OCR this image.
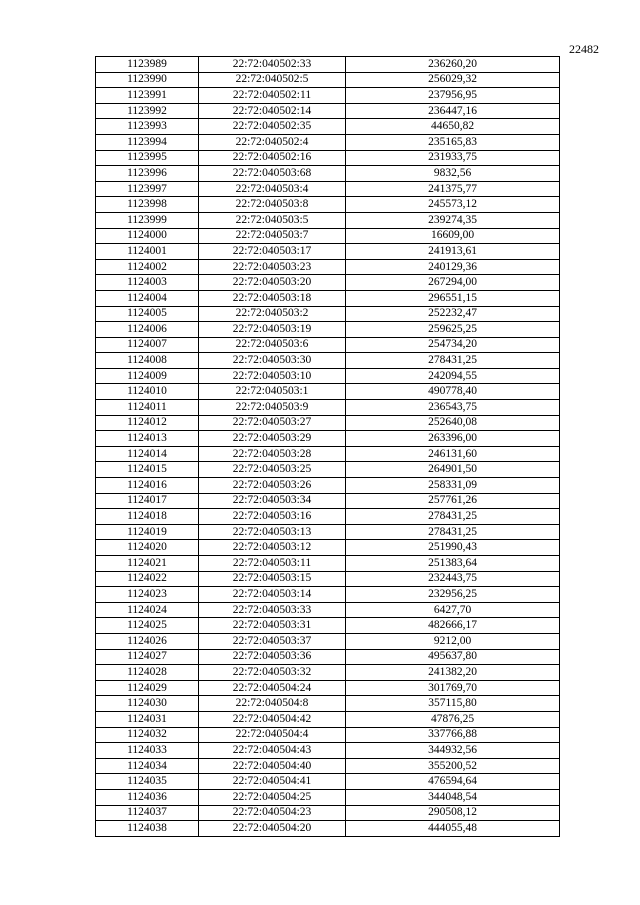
22482
1123989	22:72:040502:33	236260,20
1123990	22:72:040502:5	256029,32
1123991	22:72:040502:11	237956,95
1123992	22:72:040502:14	236447,16
1123993	22:72:040502:35	44650,82
1123994	22:72:040502:4	235165,83
1123995	22:72:040502:16	231933,75
1123996	22:72:040503:68	9832,56
1123997	22:72:040503:4	241375,77
1123998	22:72:040503:8	245573,12
1123999	22:72:040503:5	239274,35
1124000	22:72:040503:7	16609,00
1124001	22:72:040503:17	241913,61
1124002	22:72:040503:23	240129,36
1124003	22:72:040503:20	267294,00
1124004	22:72:040503:18	296551,15
1124005	22:72:040503:2	252232,47
1124006	22:72:040503:19	259625,25
1124007	22:72:040503:6	254734,20
1124008	22:72:040503:30	278431,25
1124009	22:72:040503:10	242094,55
1124010	22:72:040503:1	490778,40
1124011	22:72:040503:9	236543,75
1124012	22:72:040503:27	252640,08
1124013	22:72:040503:29	263396,00
1124014	22:72:040503:28	246131,60
1124015	22:72:040503:25	264901,50
1124016	22:72:040503:26	258331,09
1124017	22:72:040503:34	257761,26
1124018	22:72:040503:16	278431,25
1124019	22:72:040503:13	278431,25
1124020	22:72:040503:12	251990,43
1124021	22:72:040503:11	251383,64
1124022	22:72:040503:15	232443,75
1124023	22:72:040503:14	232956,25
1124024	22:72:040503:33	6427,70
1124025	22:72:040503:31	482666,17
1124026	22:72:040503:37	9212,00
1124027	22:72:040503:36	495637,80
1124028	22:72:040503:32	241382,20
1124029	22:72:040504:24	301769,70
1124030	22:72:040504:8	357115,80
1124031	22:72:040504:42	47876,25
1124032	22:72:040504:4	337766,88
1124033	22:72:040504:43	344932,56
1124034	22:72:040504:40	355200,52
1124035	22:72:040504:41	476594,64
1124036	22:72:040504:25	344048,54
1124037	22:72:040504:23	290508,12
1124038	22:72:040504:20	444055,48
